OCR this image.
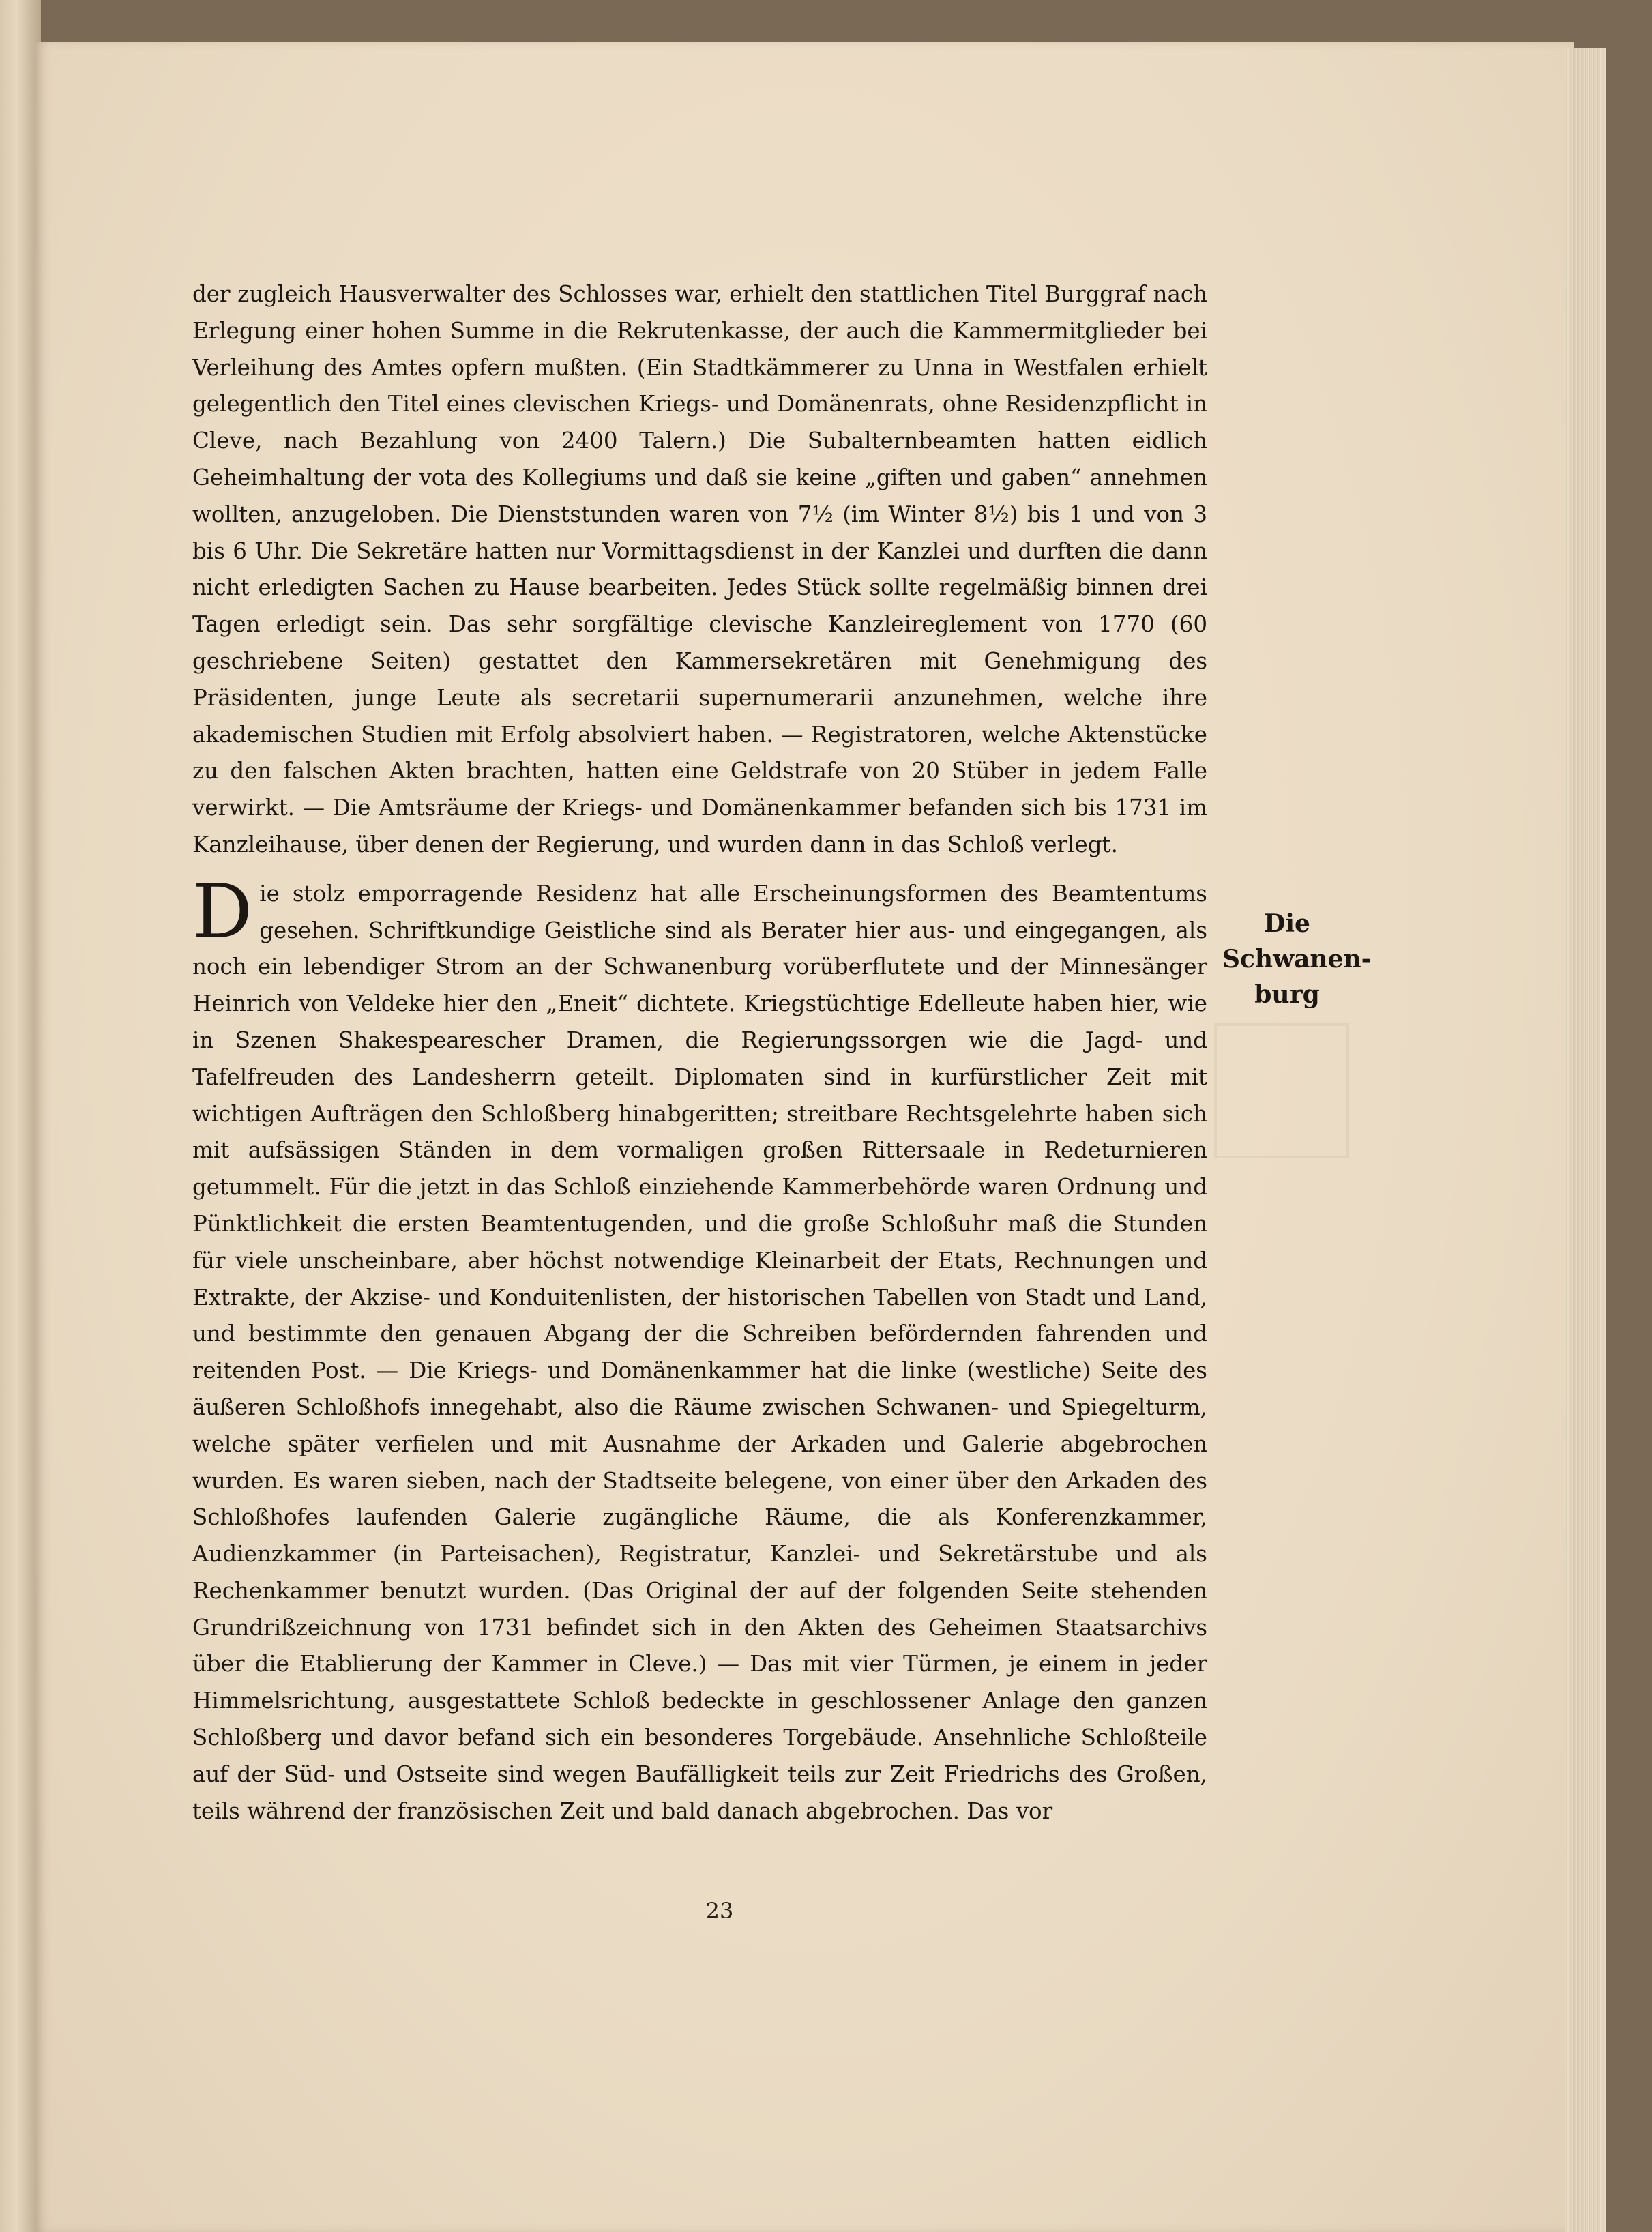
der zugleich Hausverwalter des Schlosses war, erhielt den stattlichen Titel Burggraf nach Erlegung einer hohen Summe in die Rekrutenkasse, der auch die Kammermitglieder bei Verleihung des Amtes opfern mußten. (Ein Stadtkämmerer zu Unna in Westfalen erhielt gelegentlich den Titel eines clevischen Kriegs- und Domänenrats, ohne Residenzpflicht in Cleve, nach Bezahlung von 2400 Talern.) Die Subalternbeamten hatten eidlich Geheimhaltung der vota des Kollegiums und daß sie keine „giften und gaben“ annehmen wollten, anzugeloben. Die Dienststunden waren von 7½ (im Winter 8½) bis 1 und von 3 bis 6 Uhr. Die Sekretäre hatten nur Vormittagsdienst in der Kanzlei und durften die dann nicht erledigten Sachen zu Hause bearbeiten. Jedes Stück sollte regelmäßig binnen drei Tagen erledigt sein. Das sehr sorgfältige clevische Kanzleireglement von 1770 (60 geschriebene Seiten) gestattet den Kammersekretären mit Genehmigung des Präsidenten, junge Leute als secretarii supernumerarii anzunehmen, welche ihre akademischen Studien mit Erfolg absolviert haben. — Registratoren, welche Aktenstücke zu den falschen Akten brachten, hatten eine Geldstrafe von 20 Stüber in jedem Falle verwirkt. — Die Amtsräume der Kriegs- und Domänenkammer befanden sich bis 1731 im Kanzleihause, über denen der Regierung, und wurden dann in das Schloß verlegt.

Die stolz emporragende Residenz hat alle Erscheinungsformen des Beamtentums gesehen. Schriftkundige Geistliche sind als Berater hier aus- und eingegangen, als noch ein lebendiger Strom an der Schwanenburg vorüberflutete und der Minnesänger Heinrich von Veldeke hier den „Eneit“ dichtete. Kriegstüchtige Edelleute haben hier, wie in Szenen Shakespearescher Dramen, die Regierungssorgen wie die Jagd- und Tafelfreuden des Landesherrn geteilt. Diplomaten sind in kurfürstlicher Zeit mit wichtigen Aufträgen den Schloßberg hinabgeritten; streitbare Rechtsgelehrte haben sich mit aufsässigen Ständen in dem vormaligen großen Rittersaale in Redeturnieren getummelt. Für die jetzt in das Schloß einziehende Kammerbehörde waren Ordnung und Pünktlichkeit die ersten Beamtentugenden, und die große Schloßuhr maß die Stunden für viele unscheinbare, aber höchst notwendige Kleinarbeit der Etats, Rechnungen und Extrakte, der Akzise- und Konduitenlisten, der historischen Tabellen von Stadt und Land, und bestimmte den genauen Abgang der die Schreiben befördernden fahrenden und reitenden Post. — Die Kriegs- und Domänenkammer hat die linke (westliche) Seite des äußeren Schloßhofs innegehabt, also die Räume zwischen Schwanen- und Spiegelturm, welche später verfielen und mit Ausnahme der Arkaden und Galerie abgebrochen wurden. Es waren sieben, nach der Stadtseite belegene, von einer über den Arkaden des Schloßhofes laufenden Galerie zugängliche Räume, die als Konferenzkammer, Audienzkammer (in Parteisachen), Registratur, Kanzlei- und Sekretärstube und als Rechenkammer benutzt wurden. (Das Original der auf der folgenden Seite stehenden Grundrißzeichnung von 1731 befindet sich in den Akten des Geheimen Staatsarchivs über die Etablierung der Kammer in Cleve.) — Das mit vier Türmen, je einem in jeder Himmelsrichtung, ausgestattete Schloß bedeckte in geschlossener Anlage den ganzen Schloßberg und davor befand sich ein besonderes Torgebäude. Ansehnliche Schloßteile auf der Süd- und Ostseite sind wegen Baufälligkeit teils zur Zeit Friedrichs des Großen, teils während der französischen Zeit und bald danach abgebrochen. Das vor

Die
Schwanen-
burg
23
